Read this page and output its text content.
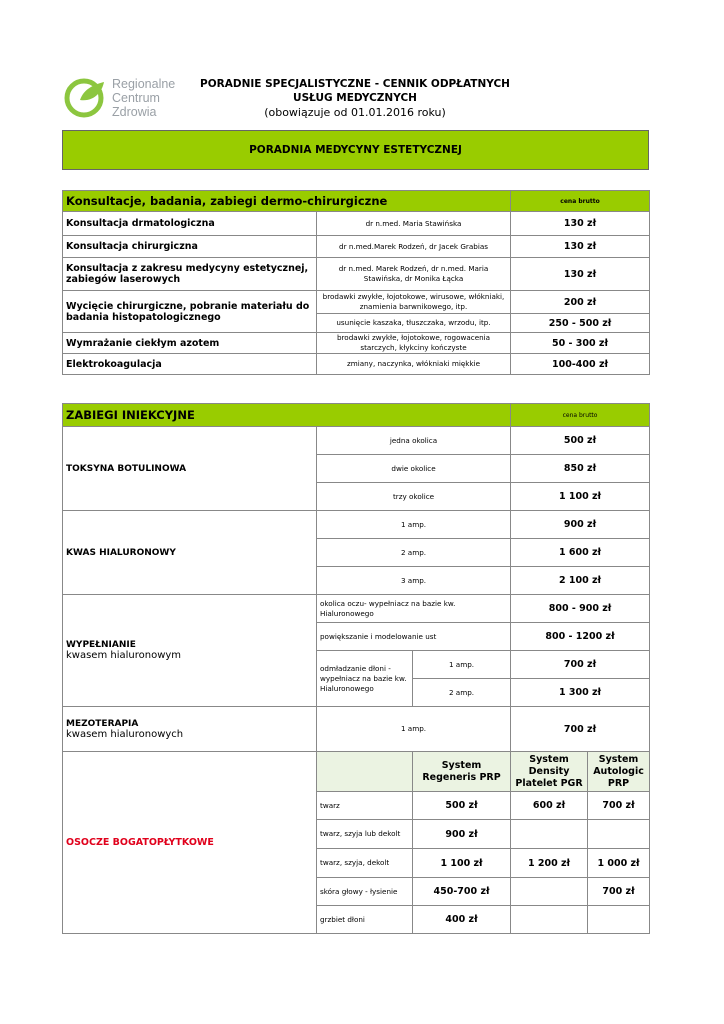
Regionalne
Centrum
Zdrowia
PORADNIE SPECJALISTYCZNE - CENNIK ODPŁATNYCH
USŁUG MEDYCZNYCH
(obowiązuje od 01.01.2016 roku)
PORADNIA MEDYCYNY ESTETYCZNEJ
Konsultacje, badania, zabiegi dermo-chirurgiczne		cena brutto
Konsultacja drmatologiczna	dr n.med. Maria Stawińska	130 zł
Konsultacja chirurgiczna	dr n.med.Marek Rodzeń, dr Jacek Grabias	130 zł
Konsultacja z zakresu medycyny estetycznej, zabiegów laserowych	dr n.med. Marek Rodzeń, dr n.med. Maria Stawińska, dr Monika Łącka	130 zł
Wycięcie chirurgiczne, pobranie materiału do badania histopatologicznego	brodawki zwykłe, łojotokowe, wirusowe, włókniaki, znamienia barwnikowego, itp.	200 zł
	usunięcie kaszaka, tłuszczaka, wrzodu, itp.	250 - 500 zł
Wymrażanie ciekłym azotem	brodawki zwykłe, łojotokowe, rogowacenia starczych, kłykciny kończyste	50 - 300 zł
Elektrokoagulacja	zmiany, naczynka, włókniaki miękkie	100-400 zł
ZABIEGI INIEKCYJNE			cena brutto	
TOKSYNA BOTULINOWA	jedna okolica		500 zł	
	dwie okolice		850 zł	
	trzy okolice		1 100 zł	
KWAS HIALURONOWY	1 amp.		900 zł	
	2 amp.		1 600 zł	
	3 amp.		2 100 zł	

WYPEŁNIANIE
kwasem hialuronowym	okolica oczu- wypełniacz na bazie kw. Hialuronowego		800 - 900 zł	
	powiększanie i modelowanie ust		800 - 1200 zł	
	odmładzanie dłoni - wypełniacz na bazie kw. Hialuronowego	1 amp.	700 zł	
		2 amp.	1 300 zł	

MEZOTERAPIA
kwasem hialuronowych	1 amp.		700 zł	
OSOCZE BOGATOPŁYTKOWE		System Regeneris PRP	System Density Platelet PGR	System Autologic PRP
	twarz	500 zł	600 zł	700 zł
	twarz, szyja lub dekolt	900 zł		
	twarz, szyja, dekolt	1 100 zł	1 200 zł	1 000 zł
	skóra głowy - łysienie	450-700 zł		700 zł
	grzbiet dłoni	400 zł		
